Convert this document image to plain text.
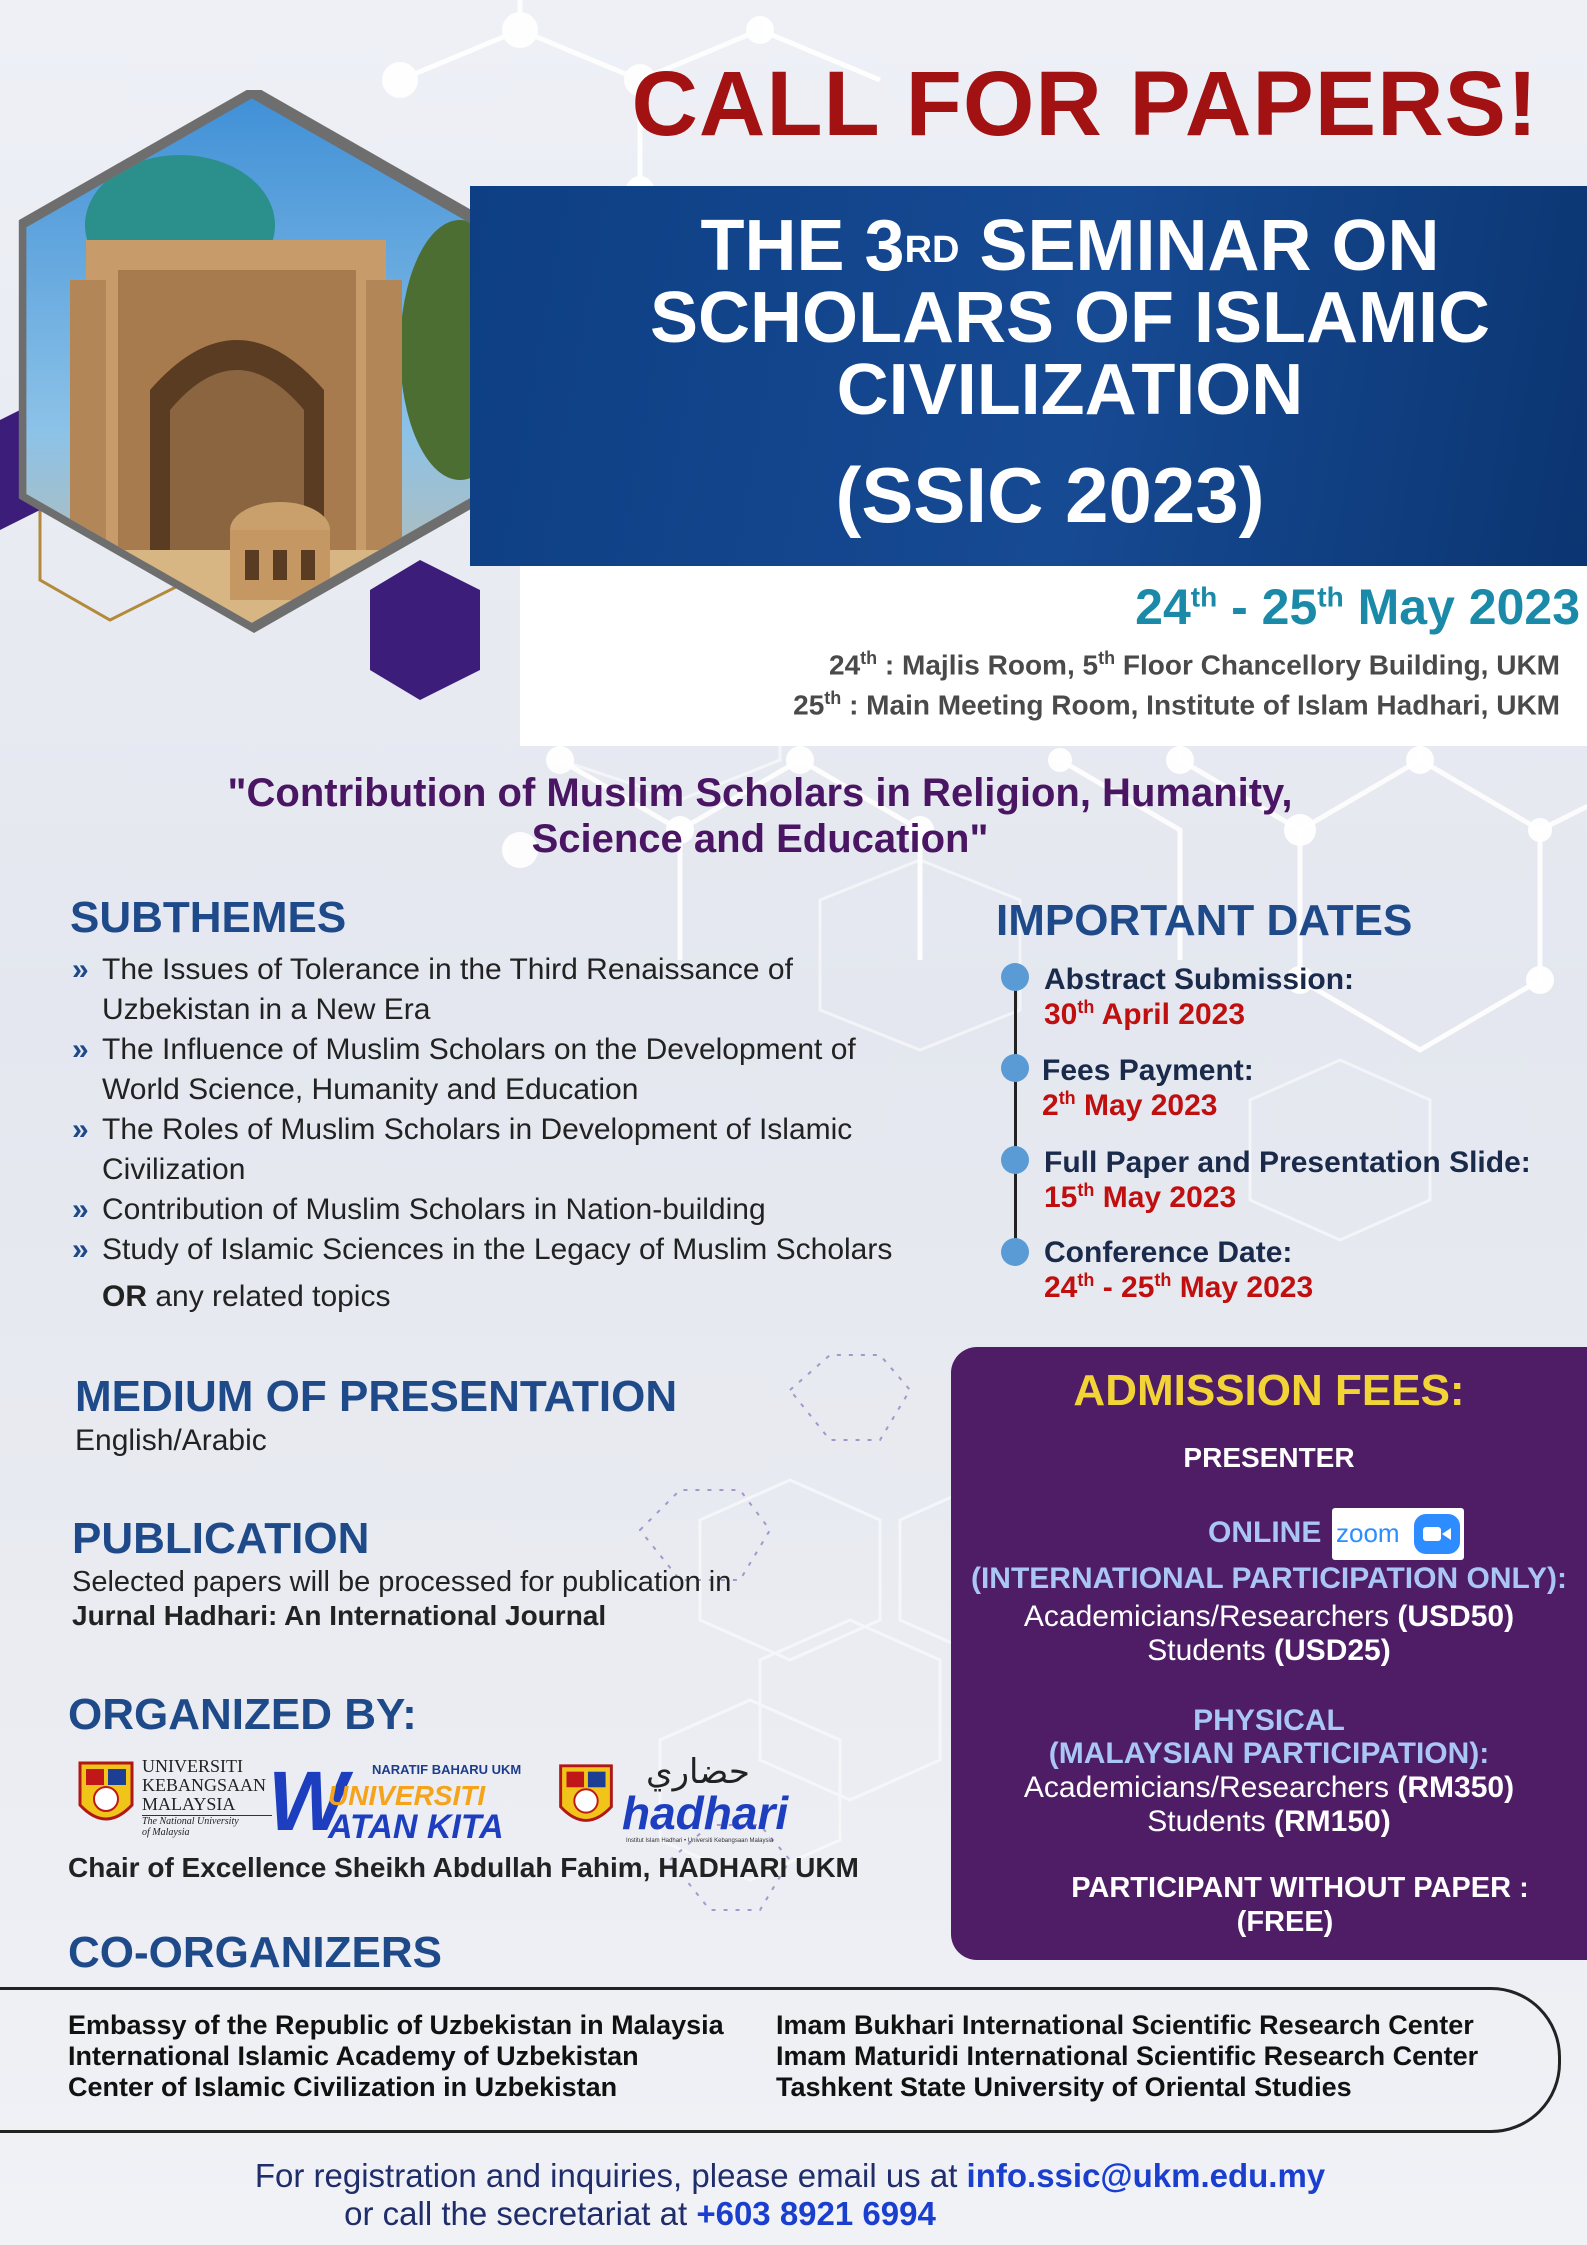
CALL FOR PAPERS!
THE 3RD SEMINAR ON
SCHOLARS OF ISLAMIC
CIVILIZATION
(SSIC 2023)
24th - 25th May 2023
24th : Majlis Room, 5th Floor Chancellory Building, UKM
25th : Main Meeting Room, Institute of Islam Hadhari, UKM
"Contribution of Muslim Scholars in Religion, Humanity,
Science and Education"
SUBTHEMES
» The Issues of Tolerance in the Third Renaissance of
Uzbekistan in a New Era
» The Influence of Muslim Scholars on the Development of
World Science, Humanity and Education
» The Roles of Muslim Scholars in Development of Islamic
Civilization
» Contribution of Muslim Scholars in Nation-building
» Study of Islamic Sciences in the Legacy of Muslim Scholars
OR any related topics
IMPORTANT DATES
Abstract Submission:
30th April 2023
Fees Payment:
2th May 2023
Full Paper and Presentation Slide:
15th May 2023
Conference Date:
24th - 25th May 2023
MEDIUM OF PRESENTATION
English/Arabic
PUBLICATION
Selected papers will be processed for publication in
Jurnal Hadhari: An International Journal
ORGANIZED BY:
UNIVERSITI
KEBANGSAAN
MALAYSIA
The National University
of Malaysia W NARATIF BAHARU UKM
UNIVERSITI
ATAN KITA
حضاري
hadhari
Institut Islam Hadhari • Universiti Kebangsaan Malaysia
Chair of Excellence Sheikh Abdullah Fahim, HADHARI UKM
ADMISSION FEES:
PRESENTER
ONLINE zoom
(INTERNATIONAL PARTICIPATION ONLY):
Academicians/Researchers (USD50)
Students (USD25)
PHYSICAL
(MALAYSIAN PARTICIPATION):
Academicians/Researchers (RM350)
Students (RM150)
PARTICIPANT WITHOUT PAPER :
(FREE)
CO-ORGANIZERS
Embassy of the Republic of Uzbekistan in Malaysia
International Islamic Academy of Uzbekistan
Center of Islamic Civilization in Uzbekistan
Imam Bukhari International Scientific Research Center
Imam Maturidi International Scientific Research Center
Tashkent State University of Oriental Studies
For registration and inquiries, please email us at info.ssic@ukm.edu.my
or call the secretariat at +603 8921 6994
